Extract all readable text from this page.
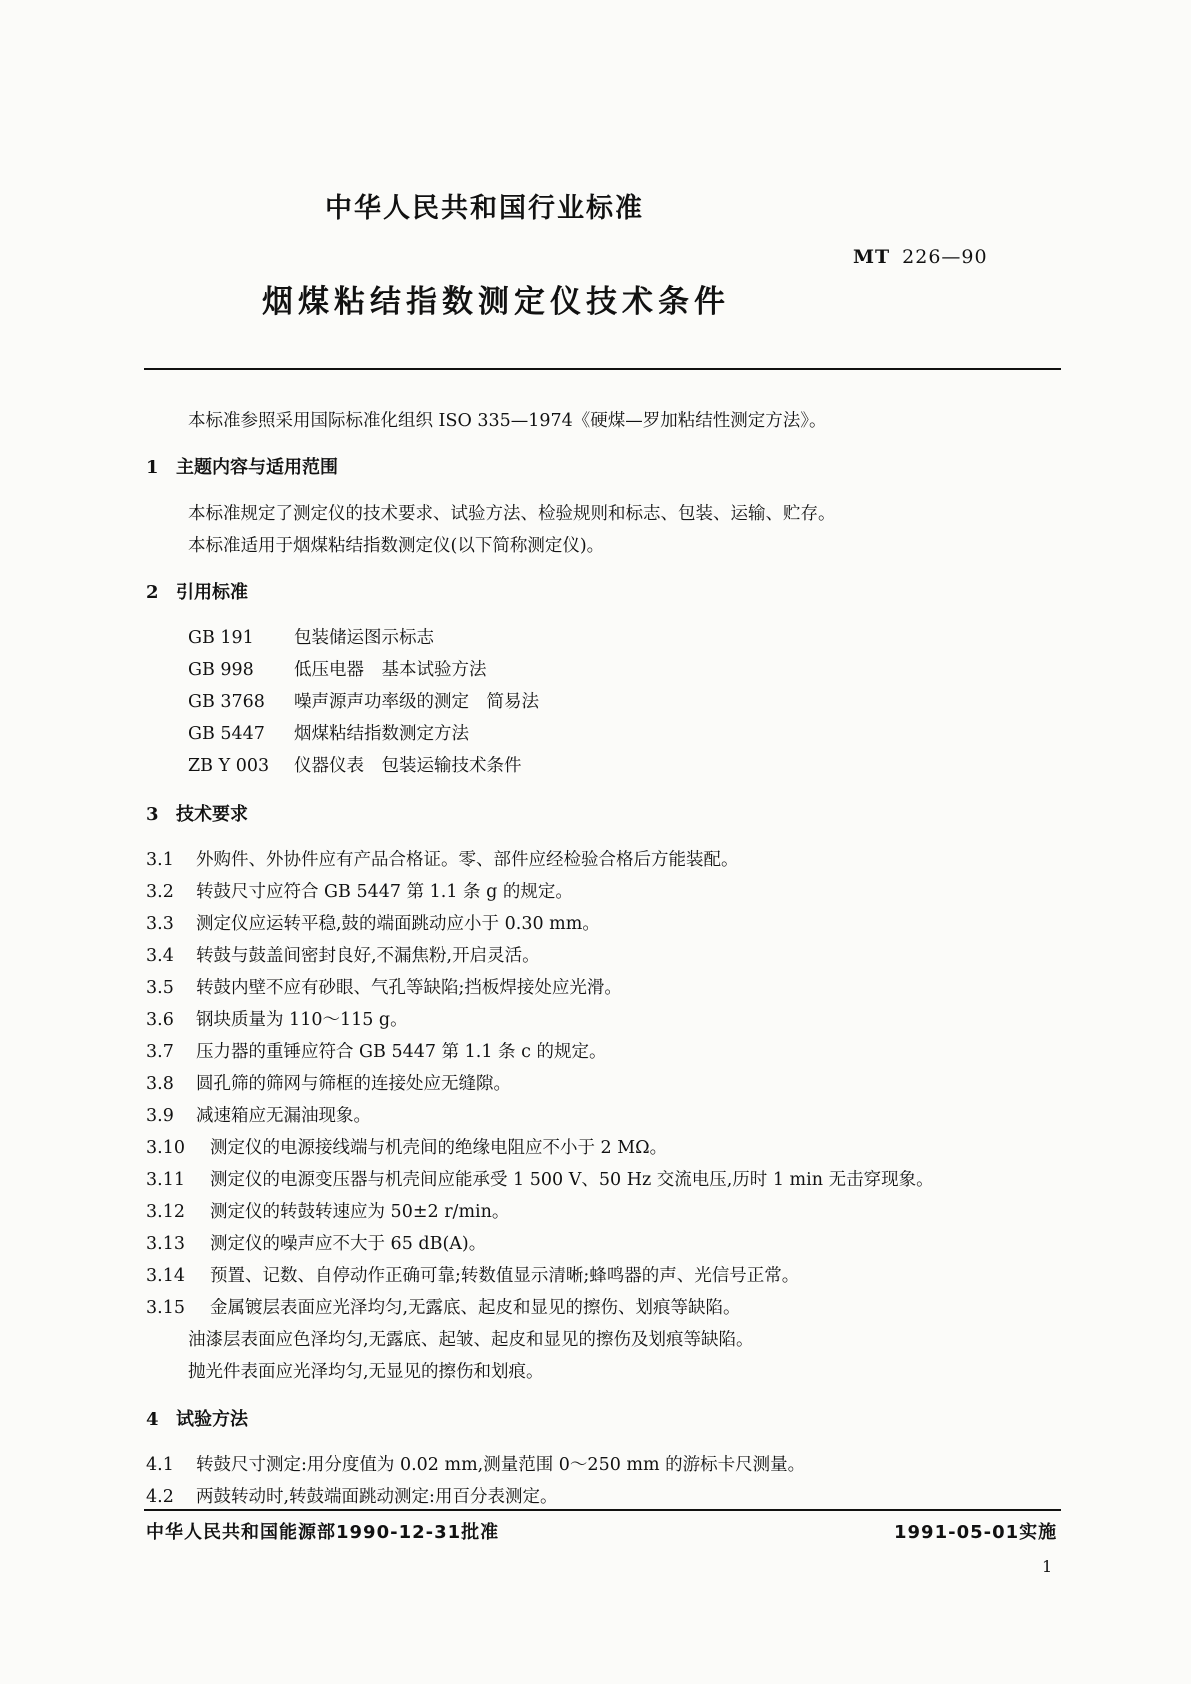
中华人民共和国行业标准
MT 226—90
烟煤粘结指数测定仪技术条件
本标准参照采用国际标准化组织 ISO 335—1974《硬煤—罗加粘结性测定方法》。
1 主题内容与适用范围
本标准规定了测定仪的技术要求、试验方法、检验规则和标志、包装、运输、贮存。
本标准适用于烟煤粘结指数测定仪(以下简称测定仪)。
2 引用标准
GB 191 包装储运图示标志
GB 998 低压电器　基本试验方法
GB 3768 噪声源声功率级的测定　简易法
GB 5447 烟煤粘结指数测定方法
ZB Y 003 仪器仪表　包装运输技术条件
3 技术要求
3.1 外购件、外协件应有产品合格证。零、部件应经检验合格后方能装配。
3.2 转鼓尺寸应符合 GB 5447 第 1.1 条 g 的规定。
3.3 测定仪应运转平稳,鼓的端面跳动应小于 0.30 mm。
3.4 转鼓与鼓盖间密封良好,不漏焦粉,开启灵活。
3.5 转鼓内壁不应有砂眼、气孔等缺陷;挡板焊接处应光滑。
3.6 钢块质量为 110～115 g。
3.7 压力器的重锤应符合 GB 5447 第 1.1 条 c 的规定。
3.8 圆孔筛的筛网与筛框的连接处应无缝隙。
3.9 减速箱应无漏油现象。
3.10 测定仪的电源接线端与机壳间的绝缘电阻应不小于 2 MΩ。
3.11 测定仪的电源变压器与机壳间应能承受 1 500 V、50 Hz 交流电压,历时 1 min 无击穿现象。
3.12 测定仪的转鼓转速应为 50±2 r/min。
3.13 测定仪的噪声应不大于 65 dB(A)。
3.14 预置、记数、自停动作正确可靠;转数值显示清晰;蜂鸣器的声、光信号正常。
3.15 金属镀层表面应光泽均匀,无露底、起皮和显见的擦伤、划痕等缺陷。
油漆层表面应色泽均匀,无露底、起皱、起皮和显见的擦伤及划痕等缺陷。
抛光件表面应光泽均匀,无显见的擦伤和划痕。
4 试验方法
4.1 转鼓尺寸测定:用分度值为 0.02 mm,测量范围 0～250 mm 的游标卡尺测量。
4.2 两鼓转动时,转鼓端面跳动测定:用百分表测定。
中华人民共和国能源部1990-12-31批准	1991-05-01实施
1
